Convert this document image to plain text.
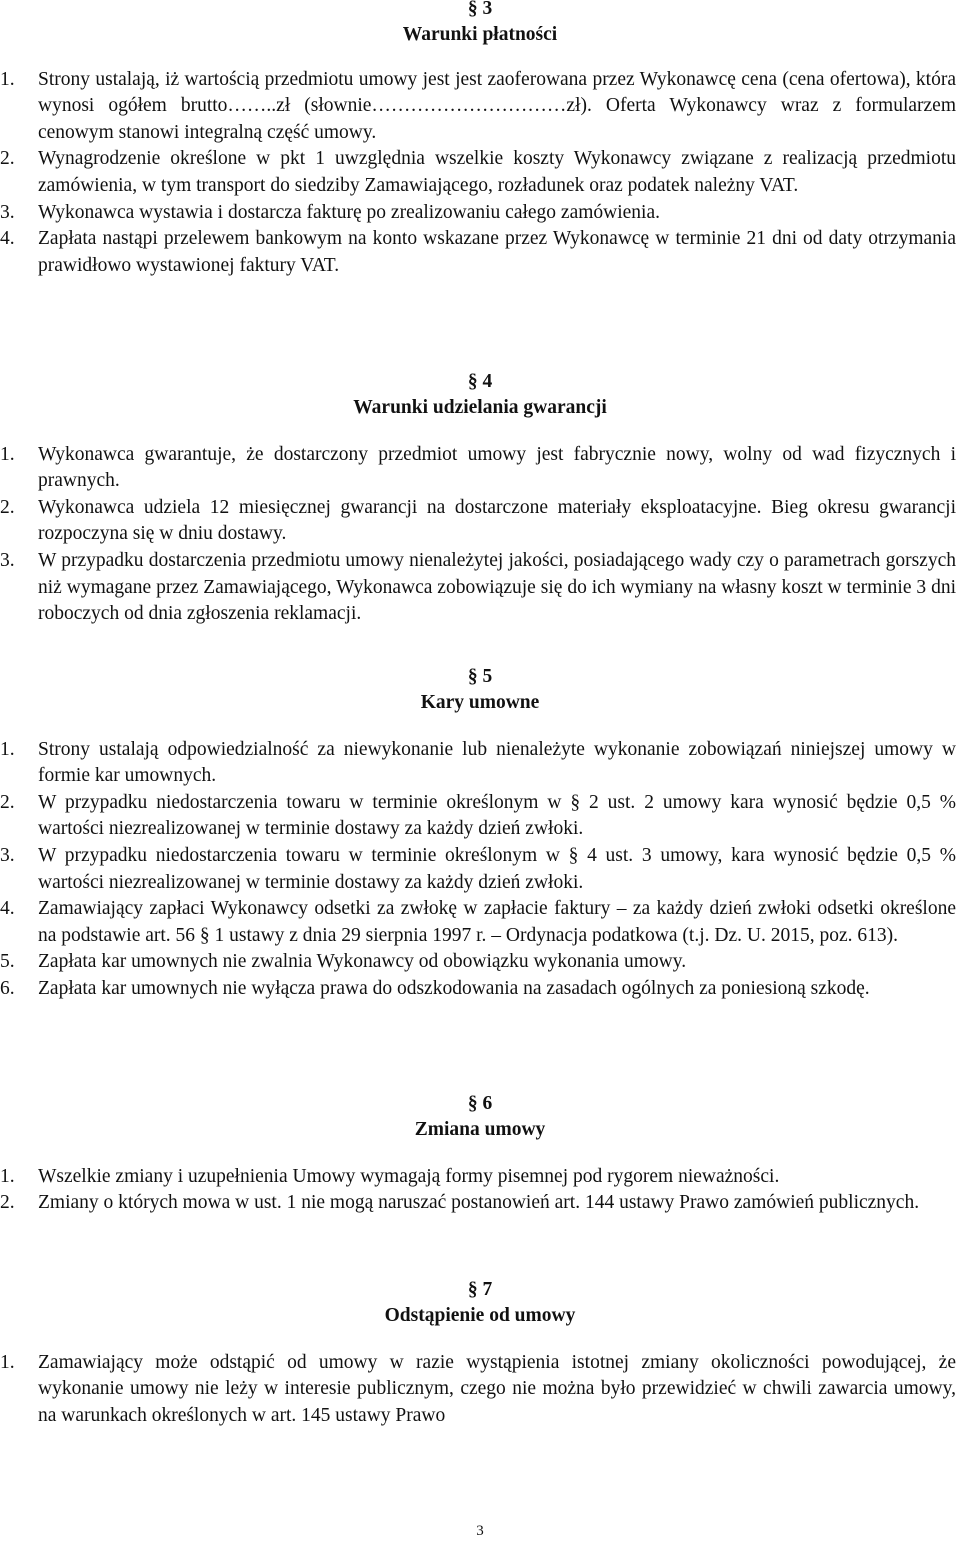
§ 3
Warunki płatności
1. Strony ustalają, iż wartością przedmiotu umowy jest jest zaoferowana przez Wykonawcę cena (cena ofertowa), która wynosi ogółem brutto……..zł (słownie…………………………zł). Oferta Wykonawcy wraz z formularzem cenowym stanowi integralną część umowy.
2. Wynagrodzenie określone w pkt 1 uwzględnia wszelkie koszty Wykonawcy związane z realizacją przedmiotu zamówienia, w tym transport do siedziby Zamawiającego, rozładunek oraz podatek należny VAT.
3. Wykonawca wystawia i dostarcza fakturę po zrealizowaniu całego zamówienia.
4. Zapłata nastąpi przelewem bankowym na konto wskazane przez Wykonawcę w terminie 21 dni od daty otrzymania prawidłowo wystawionej faktury VAT.
§ 4
Warunki udzielania gwarancji
1. Wykonawca gwarantuje, że dostarczony przedmiot umowy jest fabrycznie nowy, wolny od wad fizycznych i prawnych.
2. Wykonawca udziela 12 miesięcznej gwarancji na dostarczone materiały eksploatacyjne. Bieg okresu gwarancji rozpoczyna się w dniu dostawy.
3. W przypadku dostarczenia przedmiotu umowy nienależytej jakości, posiadającego wady czy o parametrach gorszych niż wymagane przez Zamawiającego, Wykonawca zobowiązuje się do ich wymiany na własny koszt w terminie 3 dni roboczych od dnia zgłoszenia reklamacji.
§ 5
Kary umowne
1. Strony ustalają odpowiedzialność za niewykonanie lub nienależyte wykonanie zobowiązań niniejszej umowy w formie kar umownych.
2. W przypadku niedostarczenia towaru w terminie określonym w § 2 ust. 2 umowy kara wynosić będzie 0,5 % wartości niezrealizowanej w terminie dostawy za każdy dzień zwłoki.
3. W przypadku niedostarczenia towaru w terminie określonym w § 4 ust. 3 umowy, kara wynosić będzie 0,5 % wartości niezrealizowanej w terminie dostawy za każdy dzień zwłoki.
4. Zamawiający zapłaci Wykonawcy odsetki za zwłokę w zapłacie faktury – za każdy dzień zwłoki odsetki określone na podstawie art. 56 § 1 ustawy z dnia 29 sierpnia 1997 r. – Ordynacja podatkowa (t.j. Dz. U. 2015, poz. 613).
5. Zapłata kar umownych nie zwalnia Wykonawcy od obowiązku wykonania umowy.
6. Zapłata kar umownych nie wyłącza prawa do odszkodowania na zasadach ogólnych za poniesioną szkodę.
§ 6
Zmiana umowy
1. Wszelkie zmiany i uzupełnienia Umowy wymagają formy pisemnej pod rygorem nieważności.
2. Zmiany o których mowa w ust. 1 nie mogą naruszać postanowień art. 144 ustawy Prawo zamówień publicznych.
§ 7
Odstąpienie od umowy
1. Zamawiający może odstąpić od umowy w razie wystąpienia istotnej zmiany okoliczności powodującej, że wykonanie umowy nie leży w interesie publicznym, czego nie można było przewidzieć w chwili zawarcia umowy, na warunkach określonych w art. 145 ustawy Prawo
3
